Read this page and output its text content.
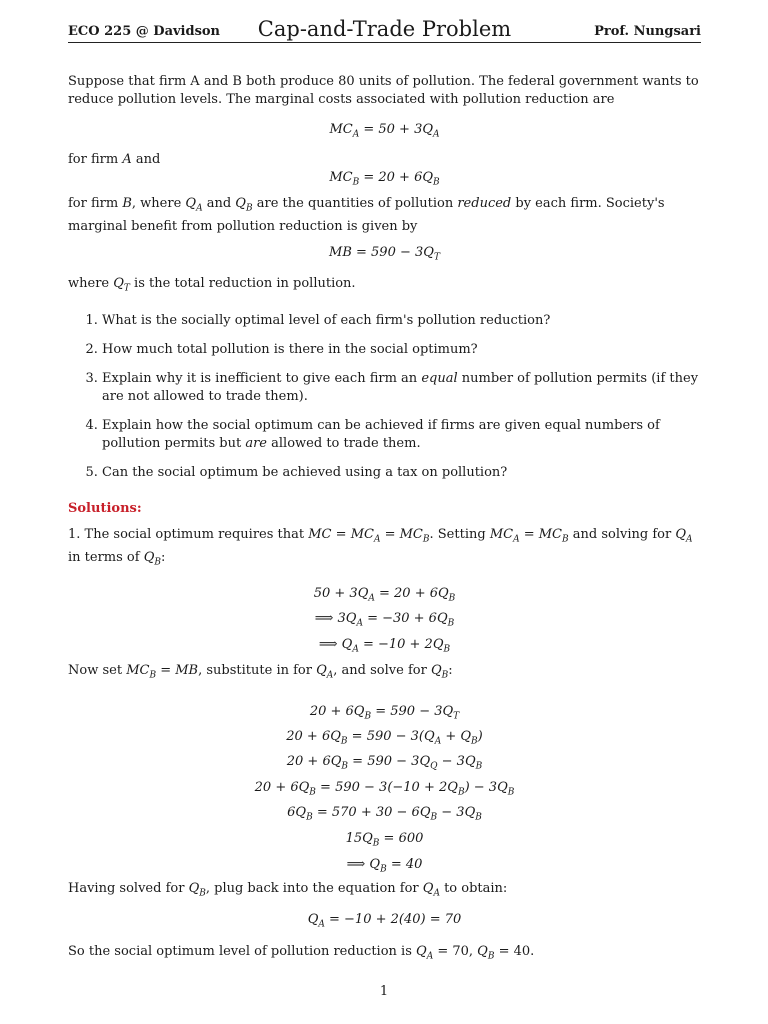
ECO 225 @ Davidson	Cap-and-Trade Problem	Prof. Nungsari
Suppose that firm A and B both produce 80 units of pollution. The federal government wants to reduce pollution levels. The marginal costs associated with pollution reduction are
$MC_A = 50 + 3Q_A$
for firm A and
$MC_B = 20 + 6Q_B$
for firm B, where $Q_A$ and $Q_B$ are the quantities of pollution reduced by each firm. Society's marginal benefit from pollution reduction is given by
MB = $590 - 3Q_T$
where $Q_T$ is the total reduction in pollution.
1. What is the socially optimal level of each firm's pollution reduction?
2. How much total pollution is there in the social optimum?
3. Explain why it is inefficient to give each firm an equal number of pollution permits (if they are not allowed to trade them).
4. Explain how the social optimum can be achieved if firms are given equal numbers of pollution permits but are allowed to trade them.
5. Can the social optimum be achieved using a tax on pollution?
Solutions:
1. The social optimum requires that MC = $MC_A = MC_B$. Setting $MC_A = MC_B$ and solving for $Q_A$ in terms of $Q_B$:
$50 + 3Q_A = 20 + 6Q_B$
⟹ $3Q_A = -30 + 6Q_B$
⟹ $Q_A = -10 + 2Q_B$
Now set $MC_B$ = MB, substitute in for $Q_A$, and solve for $Q_B$:
$20 + 6Q_B = 590 - 3Q_T$
$20 + 6Q_B = 590 - 3(Q_A + Q_B)$
$20 + 6Q_B = 590 - 3Q_Q - 3Q_B$
$20 + 6Q_B = 590 - 3(-10 + 2Q_B) - 3Q_B$
$6Q_B = 570 + 30 - 6Q_B - 3Q_B$
$15Q_B = 600$
⟹ $Q_B = 40$
Having solved for $Q_B$, plug back into the equation for $Q_A$ to obtain:
$Q_A = -10 + 2(40) = 70$
So the social optimum level of pollution reduction is $Q_A = 70$, $Q_B = 40$.
1
